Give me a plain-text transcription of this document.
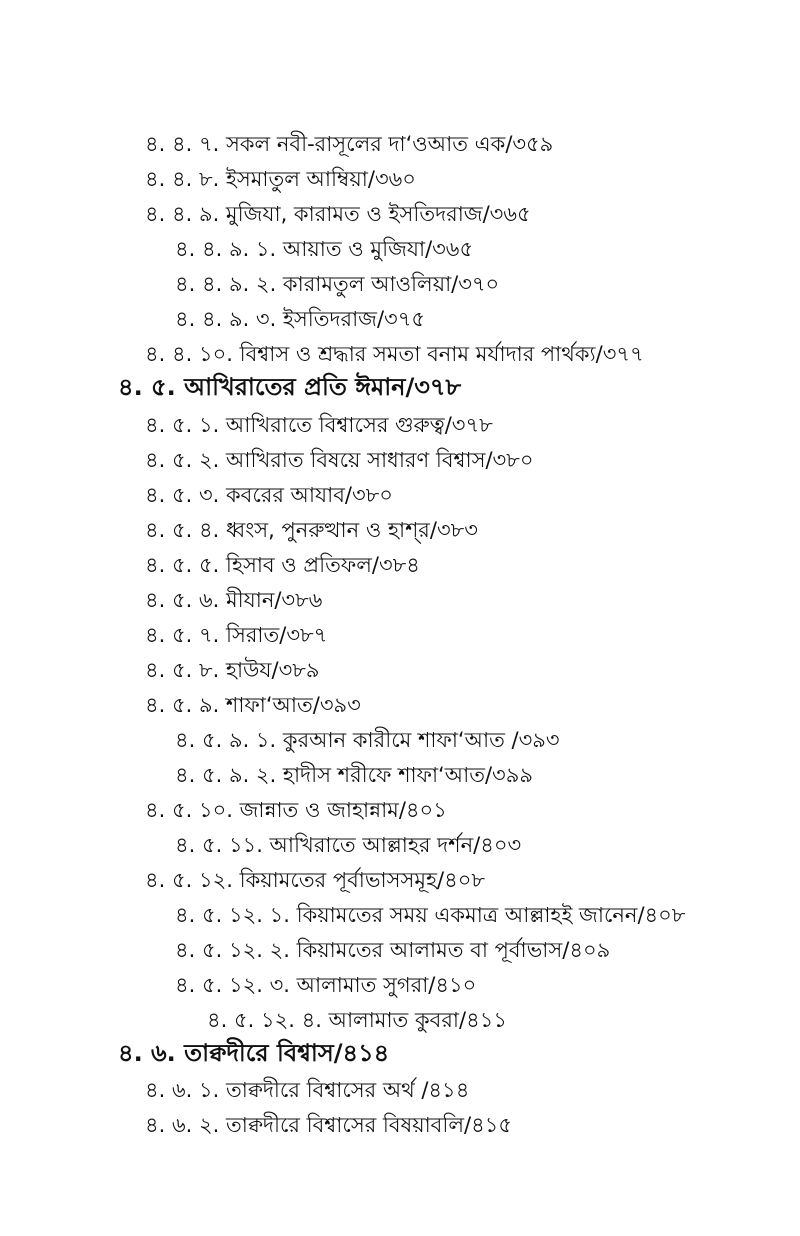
৪. ৪. ৭. সকল নবী-রাসূলের দা‘ওআত এক/৩৫৯
৪. ৪. ৮. ইসমাতুল আম্বিয়া/৩৬০
৪. ৪. ৯. মুজিযা, কারামত ও ইসতিদরাজ/৩৬৫
৪. ৪. ৯. ১. আয়াত ও মুজিযা/৩৬৫
৪. ৪. ৯. ২. কারামতুল আওলিয়া/৩৭০
৪. ৪. ৯. ৩. ইসতিদরাজ/৩৭৫
৪. ৪. ১০. বিশ্বাস ও শ্রদ্ধার সমতা বনাম মর্যাদার পার্থক্য/৩৭৭
৪. ৫. আখিরাতের প্রতি ঈমান/৩৭৮
৪. ৫. ১. আখিরাতে বিশ্বাসের গুরুত্ব/৩৭৮
৪. ৫. ২. আখিরাত বিষয়ে সাধারণ বিশ্বাস/৩৮০
৪. ৫. ৩. কবরের আযাব/৩৮০
৪. ৫. ৪. ধ্বংস, পুনরুত্থান ও হাশ্‌র/৩৮৩
৪. ৫. ৫. হিসাব ও প্রতিফল/৩৮৪
৪. ৫. ৬. মীযান/৩৮৬
৪. ৫. ৭. সিরাত/৩৮৭
৪. ৫. ৮. হাউয/৩৮৯
৪. ৫. ৯. শাফা‘আত/৩৯৩
৪. ৫. ৯. ১. কুরআন কারীমে শাফা‘আত /৩৯৩
৪. ৫. ৯. ২. হাদীস শরীফে শাফা‘আত/৩৯৯
৪. ৫. ১০. জান্নাত ও জাহান্নাম/৪০১
৪. ৫. ১১. আখিরাতে আল্লাহর দর্শন/৪০৩
৪. ৫. ১২. কিয়ামতের পূর্বাভাসসমূহ/৪০৮
৪. ৫. ১২. ১. কিয়ামতের সময় একমাত্র আল্লাহই জানেন/৪০৮
৪. ৫. ১২. ২. কিয়ামতের আলামত বা পূর্বাভাস/৪০৯
৪. ৫. ১২. ৩. আলামাত সুগরা/৪১০
৪. ৫. ১২. ৪. আলামাত কুবরা/৪১১
৪. ৬. তাক্বদীরে বিশ্বাস/৪১৪
৪. ৬. ১. তাক্বদীরে বিশ্বাসের অর্থ /৪১৪
৪. ৬. ২. তাক্বদীরে বিশ্বাসের বিষয়াবলি/৪১৫
